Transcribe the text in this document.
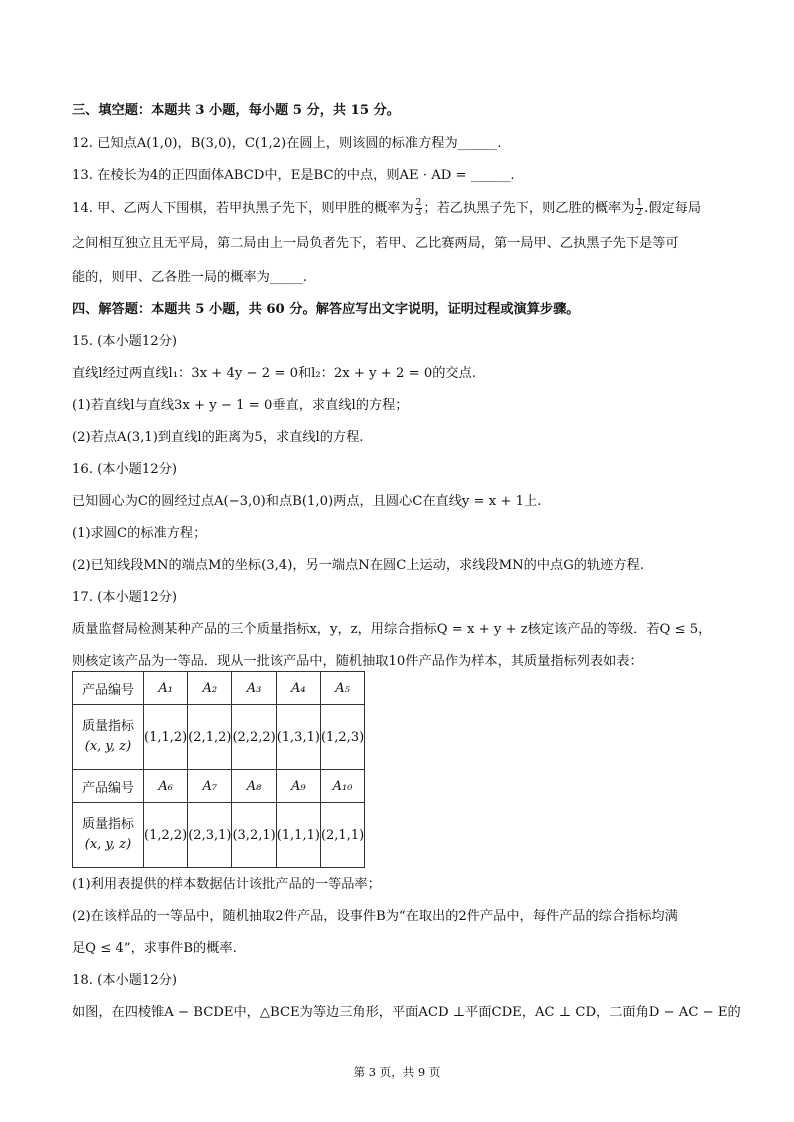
三、填空题：本题共 3 小题，每小题 5 分，共 15 分。
12. 已知点A(1,0)，B(3,0)，C(1,2)在圆上，则该圆的标准方程为______.
13. 在棱长为4的正四面体ABCD中，E是BC的中点，则AE · AD = ______.
14. 甲、乙两人下围棋，若甲执黑子先下，则甲胜的概率为 $\frac{2}{3}$ ；若乙执黑子先下，则乙胜的概率为 $\frac{1}{2}$ .假定每局
之间相互独立且无平局，第二局由上一局负者先下，若甲、乙比赛两局，第一局甲、乙执黑子先下是等可
能的，则甲、乙各胜一局的概率为_____.
四、解答题：本题共 5 小题，共 60 分。解答应写出文字说明，证明过程或演算步骤。
15. (本小题12分)
直线l经过两直线l₁：3x + 4y − 2 = 0和l₂：2x + y + 2 = 0的交点.
(1)若直线l与直线3x + y − 1 = 0垂直，求直线l的方程；
(2)若点A(3,1)到直线l的距离为5，求直线l的方程.
16. (本小题12分)
已知圆心为C的圆经过点A(−3,0)和点B(1,0)两点，且圆心C在直线y = x + 1上.
(1)求圆C的标准方程；
(2)已知线段MN的端点M的坐标(3,4)，另一端点N在圆C上运动，求线段MN的中点G的轨迹方程.
17. (本小题12分)
质量监督局检测某种产品的三个质量指标x，y，z，用综合指标Q = x + y + z核定该产品的等级．若Q ≤ 5，
则核定该产品为一等品．现从一批该产品中，随机抽取10件产品作为样本，其质量指标列表如表：
产品编号	A₁	A₂	A₃	A₄	A₅

质量指标
(x, y, z)	(1,1,2)	(2,1,2)	(2,2,2)	(1,3,1)	(1,2,3)
产品编号	A₆	A₇	A₈	A₉	A₁₀

质量指标
(x, y, z)	(1,2,2)	(2,3,1)	(3,2,1)	(1,1,1)	(2,1,1)
(1)利用表提供的样本数据估计该批产品的一等品率；
(2)在该样品的一等品中，随机抽取2件产品，设事件B为“在取出的2件产品中，每件产品的综合指标均满
足Q ≤ 4”，求事件B的概率.
18. (本小题12分)
如图，在四棱锥A − BCDE中，△BCE为等边三角形，平面ACD ⊥平面CDE，AC ⊥ CD，二面角D − AC − E的
第 3 页，共 9 页
